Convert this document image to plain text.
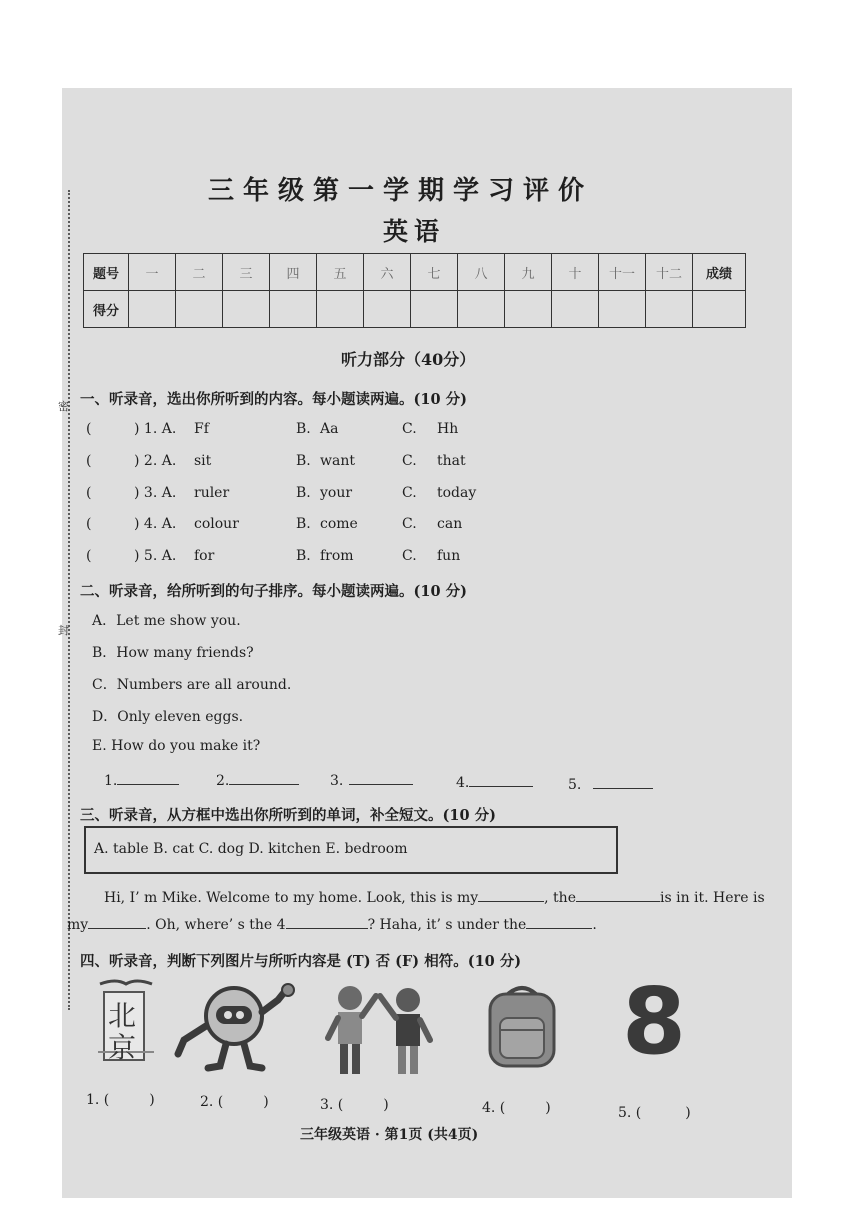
密
封
三年级第一学期学习评价
英语
题号	一	二	三	四	五	六	七	八	九	十	十一	十二	成绩
得分													
听力部分（40分）
一、听录音，选出你所听到的内容。每小题读两遍。(10 分)
(	) 1. A. Ff	B. Aa	C. Hh
(	) 2. A. sit	B. want	C. that
(	) 3. A. ruler	B. your	C. today
(	) 4. A. colour	B. come	C. can
(	) 5. A. for	B. from	C. fun
二、听录音，给所听到的句子排序。每小题读两遍。(10 分)
A．Let me show you.
B．How many friends?
C．Numbers are all around.
D．Only eleven eggs.
E. How do you make it?
1.	2.	3.	4.	5.
三、听录音，从方框中选出你所听到的单词，补全短文。(10 分)
A. table B. cat C. dog D. kitchen E. bedroom
Hi, I’ m Mike. Welcome to my home. Look, this is my	, the	is in it. Here is
my	. Oh, where’ s the 4	? Haha, it’ s under the	.
四、听录音，判断下列图片与所听内容是 (T) 否 (F) 相符。(10 分)
北
京	8
1. (	)	2. (	)	3. (	)	4. (	)	5. (	)
三年级英语 · 第1页 (共4页)
